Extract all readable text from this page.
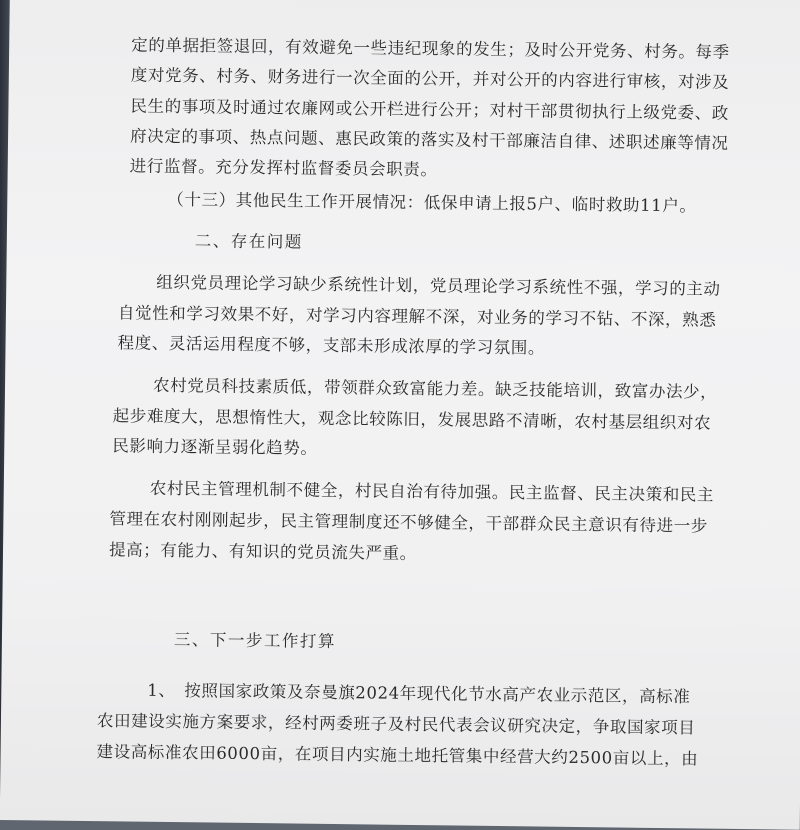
定的单据拒签退回，有效避免一些违纪现象的发生；及时公开党务、村务。每季
度对党务、村务、财务进行一次全面的公开，并对公开的内容进行审核，对涉及
民生的事项及时通过农廉网或公开栏进行公开；对村干部贯彻执行上级党委、政
府决定的事项、热点问题、惠民政策的落实及村干部廉洁自律、述职述廉等情况
进行监督。充分发挥村监督委员会职责。
（十三）其他民生工作开展情况：低保申请上报5户、临时救助11户。
二、存在问题
组织党员理论学习缺少系统性计划，党员理论学习系统性不强，学习的主动
自觉性和学习效果不好，对学习内容理解不深，对业务的学习不钻、不深，熟悉
程度、灵活运用程度不够，支部未形成浓厚的学习氛围。
农村党员科技素质低，带领群众致富能力差。缺乏技能培训，致富办法少，
起步难度大，思想惰性大，观念比较陈旧，发展思路不清晰，农村基层组织对农
民影响力逐渐呈弱化趋势。
农村民主管理机制不健全，村民自治有待加强。民主监督、民主决策和民主
管理在农村刚刚起步，民主管理制度还不够健全，干部群众民主意识有待进一步
提高；有能力、有知识的党员流失严重。
三、下一步工作打算
1、　按照国家政策及奈曼旗2024年现代化节水高产农业示范区，高标准
农田建设实施方案要求，经村两委班子及村民代表会议研究决定，争取国家项目
建设高标准农田6000亩，在项目内实施土地托管集中经营大约2500亩以上，由
